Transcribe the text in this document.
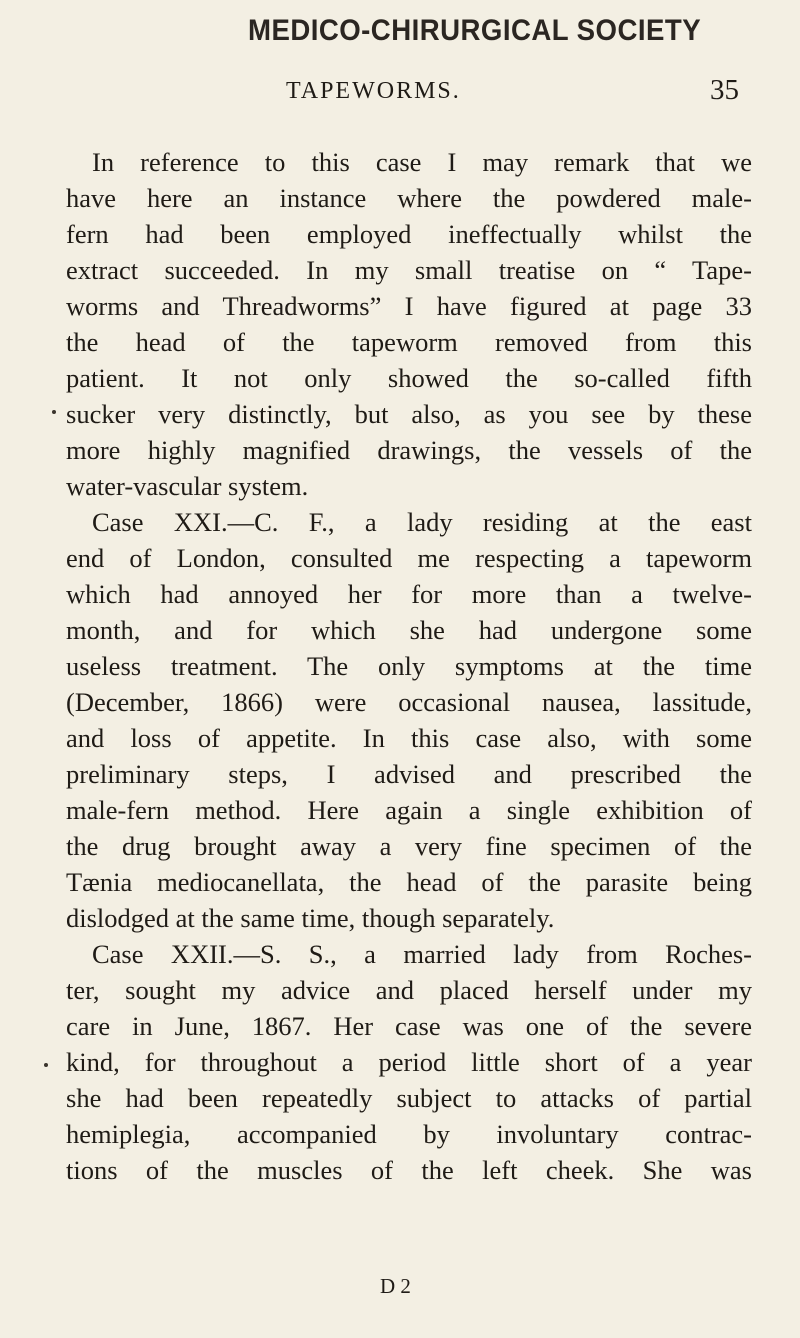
MEDICO-CHIRURGICAL SOCIETY
TAPEWORMS.	35
In reference to this case I may remark that we
have here an instance where the powdered male-
fern had been employed ineffectually whilst the
extract succeeded. In my small treatise on “ Tape-
worms and Threadworms” I have figured at page 33
the head of the tapeworm removed from this
patient. It not only showed the so-called fifth
sucker very distinctly, but also, as you see by these
more highly magnified drawings, the vessels of the
water-vascular system.
Case XXI.—C. F., a lady residing at the east
end of London, consulted me respecting a tapeworm
which had annoyed her for more than a twelve-
month, and for which she had undergone some
useless treatment. The only symptoms at the time
(December, 1866) were occasional nausea, lassitude,
and loss of appetite. In this case also, with some
preliminary steps, I advised and prescribed the
male-fern method. Here again a single exhibition of
the drug brought away a very fine specimen of the
Tænia mediocanellata, the head of the parasite being
dislodged at the same time, though separately.
Case XXII.—S. S., a married lady from Roches-
ter, sought my advice and placed herself under my
care in June, 1867. Her case was one of the severe
kind, for throughout a period little short of a year
she had been repeatedly subject to attacks of partial
hemiplegia, accompanied by involuntary contrac-
tions of the muscles of the left cheek. She was
D 2
